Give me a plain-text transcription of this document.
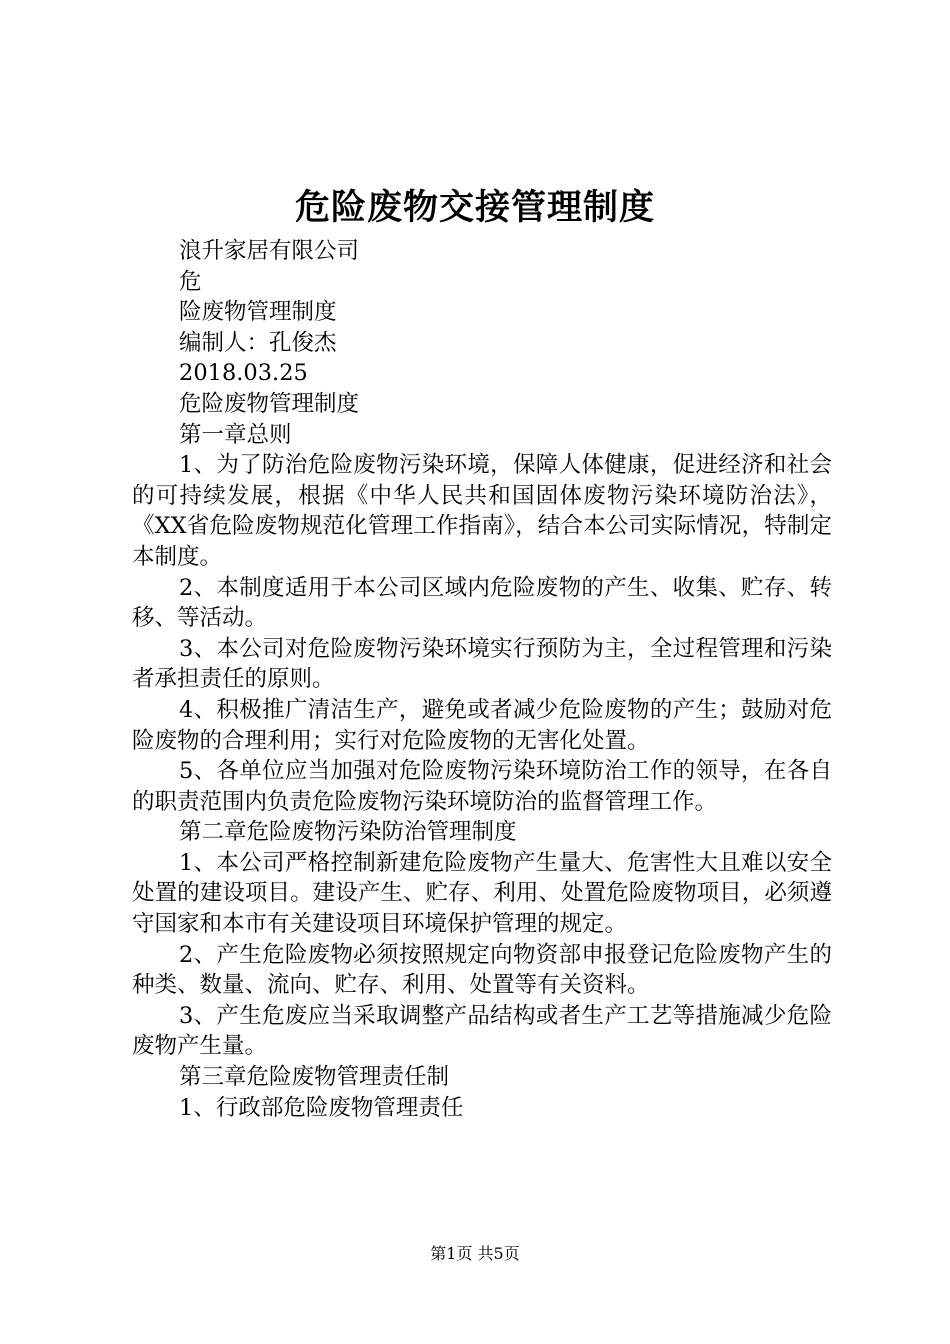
危险废物交接管理制度

浪升家居有限公司

危

险废物管理制度

编制人：孔俊杰

2018.03.25

危险废物管理制度

第一章总则

1、为了防治危险废物污染环境，保障人体健康，促进经济和社会的可持续发展，根据《中华人民共和国固体废物污染环境防治法》，《XX省危险废物规范化管理工作指南》，结合本公司实际情况，特制定本制度。

2、本制度适用于本公司区域内危险废物的产生、收集、贮存、转移、等活动。

3、本公司对危险废物污染环境实行预防为主，全过程管理和污染者承担责任的原则。

4、积极推广清洁生产，避免或者减少危险废物的产生；鼓励对危险废物的合理利用；实行对危险废物的无害化处置。

5、各单位应当加强对危险废物污染环境防治工作的领导，在各自的职责范围内负责危险废物污染环境防治的监督管理工作。

第二章危险废物污染防治管理制度

1、本公司严格控制新建危险废物产生量大、危害性大且难以安全处置的建设项目。建设产生、贮存、利用、处置危险废物项目，必须遵守国家和本市有关建设项目环境保护管理的规定。

2、产生危险废物必须按照规定向物资部申报登记危险废物产生的种类、数量、流向、贮存、利用、处置等有关资料。

3、产生危废应当采取调整产品结构或者生产工艺等措施减少危险废物产生量。

第三章危险废物管理责任制

1、行政部危险废物管理责任

第1页 共5页
